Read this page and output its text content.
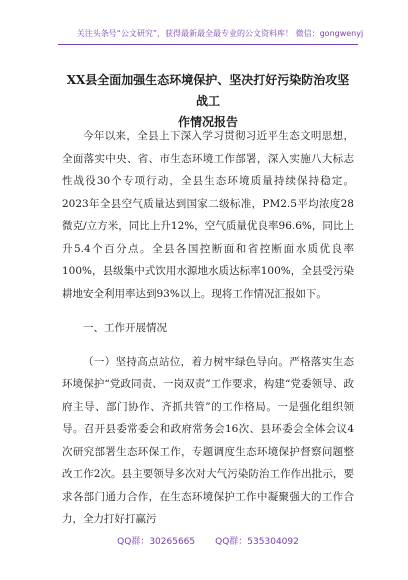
关注头条号“公文研究”，获得最新最全最专业的公文资料库！ 微信：gongwenyj
XX县全面加强生态环境保护、坚决打好污染防治攻坚战工
作情况报告

今年以来，全县上下深入学习贯彻习近平生态文明思想，全面落实中央、省、市生态环境工作部署，深入实施八大标志性战役30个专项行动，全县生态环境质量持续保持稳定。2023年全县空气质量达到国家二级标准，PM2.5平均浓度28微克/立方米，同比上升12%，空气质量优良率96.6%，同比上升5.4个百分点。全县各国控断面和省控断面水质优良率100%，县级集中式饮用水源地水质达标率100%，全县受污染耕地安全利用率达到93%以上。现将工作情况汇报如下。

一、工作开展情况

（一）坚持高点站位，着力树牢绿色导向。严格落实生态环境保护“党政同责、一岗双责”工作要求，构建“党委领导、政府主导、部门协作、齐抓共管”的工作格局。一是强化组织领导。召开县委常委会和政府常务会16次、县环委会全体会议4次研究部署生态环保工作，专题调度生态环境保护督察问题整改工作2次。县主要领导多次对大气污染防治工作作出批示，要求各部门通力合作，在生态环境保护工作中凝聚强大的工作合力，全力打好打赢污

QQ群：30265665 QQ群：535304092
